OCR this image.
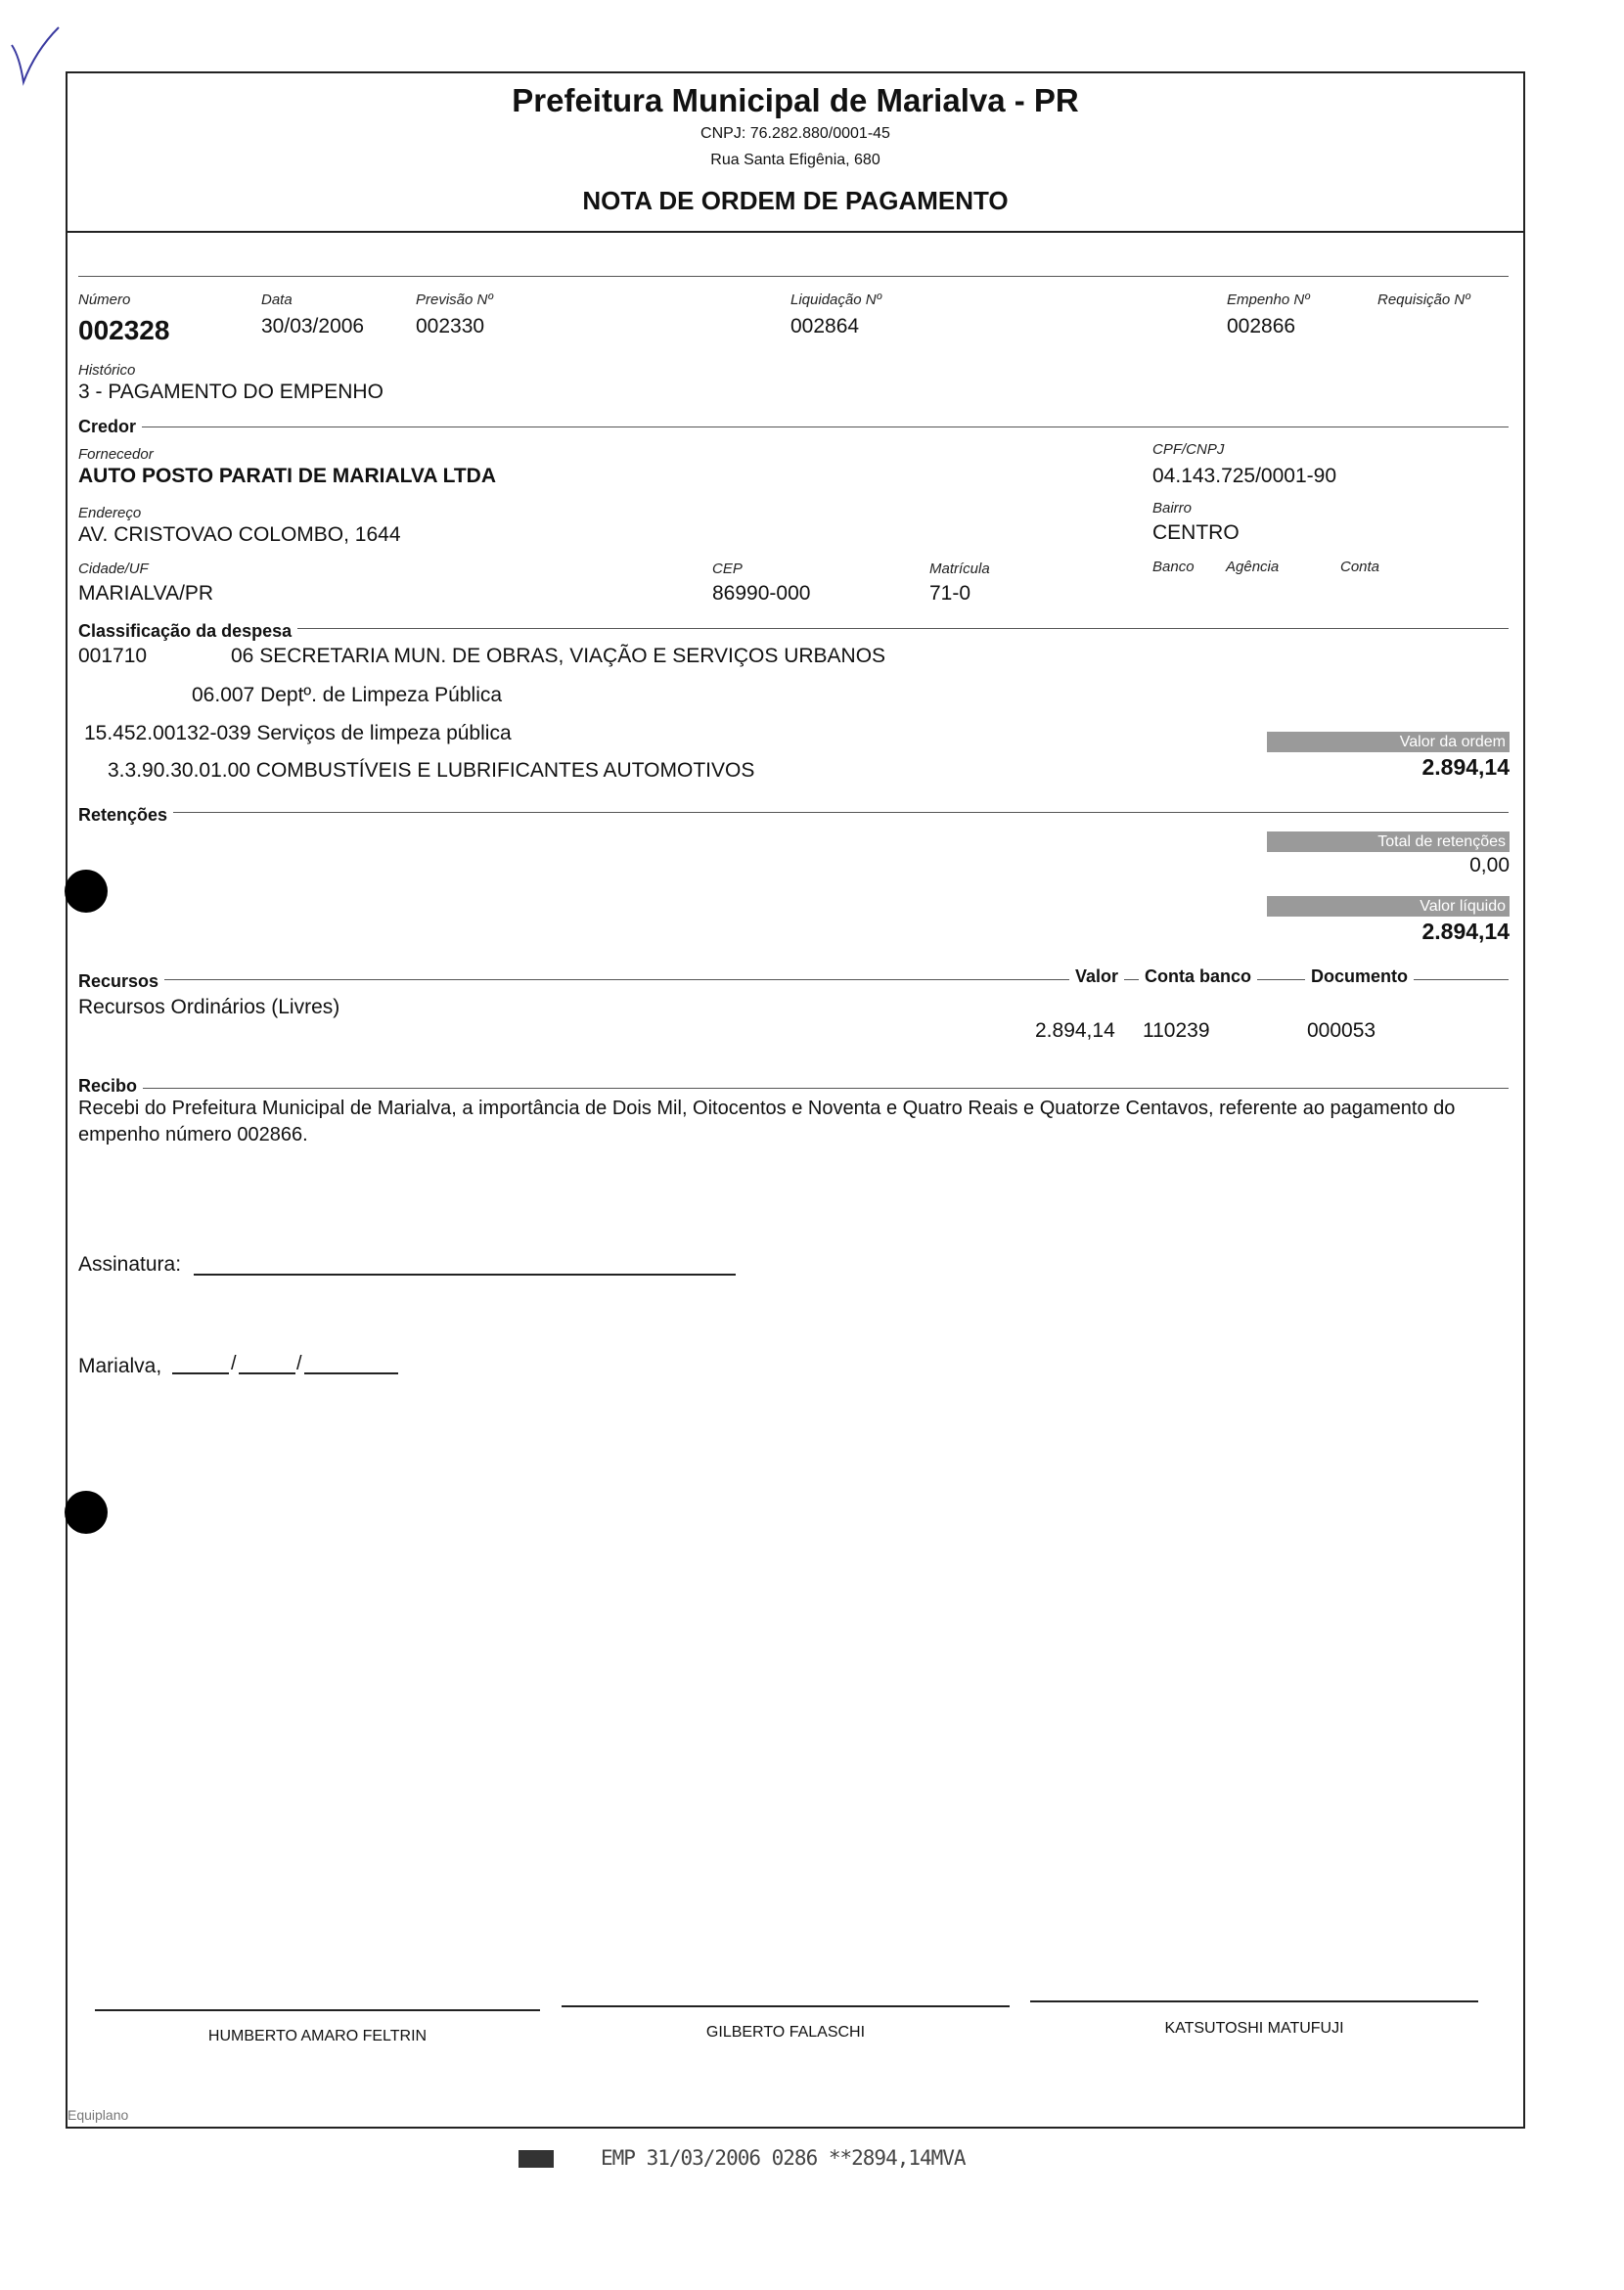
Prefeitura Municipal de Marialva - PR
CNPJ: 76.282.880/0001-45
Rua Santa Efigênia, 680
NOTA DE ORDEM DE PAGAMENTO
Número
002328
Data
30/03/2006
Previsão Nº
002330
Liquidação Nº
002864
Empenho Nº
002866
Requisição Nº
Histórico
3 - PAGAMENTO DO EMPENHO
Credor
Fornecedor
AUTO POSTO PARATI DE MARIALVA LTDA
CPF/CNPJ
04.143.725/0001-90
Endereço
AV. CRISTOVAO COLOMBO, 1644
Bairro
CENTRO
Cidade/UF
MARIALVA/PR
CEP
86990-000
Matrícula
71-0
Banco Agência	Conta
Classificação da despesa
001710	06 SECRETARIA MUN. DE OBRAS, VIAÇÃO E SERVIÇOS URBANOS
06.007 Deptº. de Limpeza Pública
15.452.00132-039 Serviços de limpeza pública
3.3.90.30.01.00 COMBUSTÍVEIS E LUBRIFICANTES AUTOMOTIVOS
Valor da ordem
2.894,14
Retenções
Total de retenções
0,00
Valor líquido
2.894,14
Recursos	Valor	Conta banco	Documento
Recursos Ordinários (Livres)
2.894,14 110239	000053
Recibo
Recebi do Prefeitura Municipal de Marialva, a importância de Dois Mil, Oitocentos e Noventa e Quatro Reais e Quatorze Centavos, referente ao pagamento do empenho número 002866.
Assinatura:
Marialva,	/	/
HUMBERTO AMARO FELTRIN	GILBERTO FALASCHI	KATSUTOSHI MATUFUJI
Equiplano
EMP 31/03/2006 0286 **2894,14MVA
